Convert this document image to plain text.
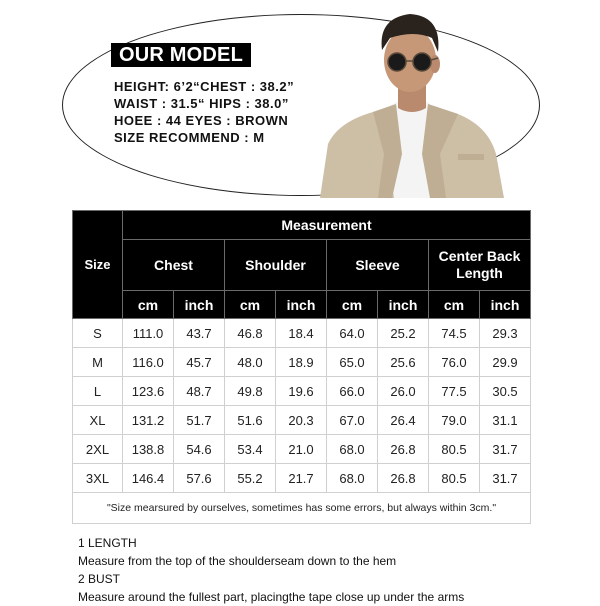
OUR MODEL
HEIGHT: 6’2“CHEST : 38.2”
WAIST : 31.5“ HIPS : 38.0”
HOEE : 44 EYES : BROWN
SIZE RECOMMEND : M
Size	Measurement							
	Chest		Shoulder		Sleeve		Center Back Length	
	cm	inch	cm	inch	cm	inch	cm	inch
S	111.0	43.7	46.8	18.4	64.0	25.2	74.5	29.3
M	116.0	45.7	48.0	18.9	65.0	25.6	76.0	29.9
L	123.6	48.7	49.8	19.6	66.0	26.0	77.5	30.5
XL	131.2	51.7	51.6	20.3	67.0	26.4	79.0	31.1
2XL	138.8	54.6	53.4	21.0	68.0	26.8	80.5	31.7
3XL	146.4	57.6	55.2	21.7	68.0	26.8	80.5	31.7
"Size mearsured by ourselves, sometimes has some errors, but always within 3cm."								
1 LENGTH
Measure from the top of the shoulderseam down to the hem
2 BUST
Measure around the fullest part, placingthe tape close up under the arms
